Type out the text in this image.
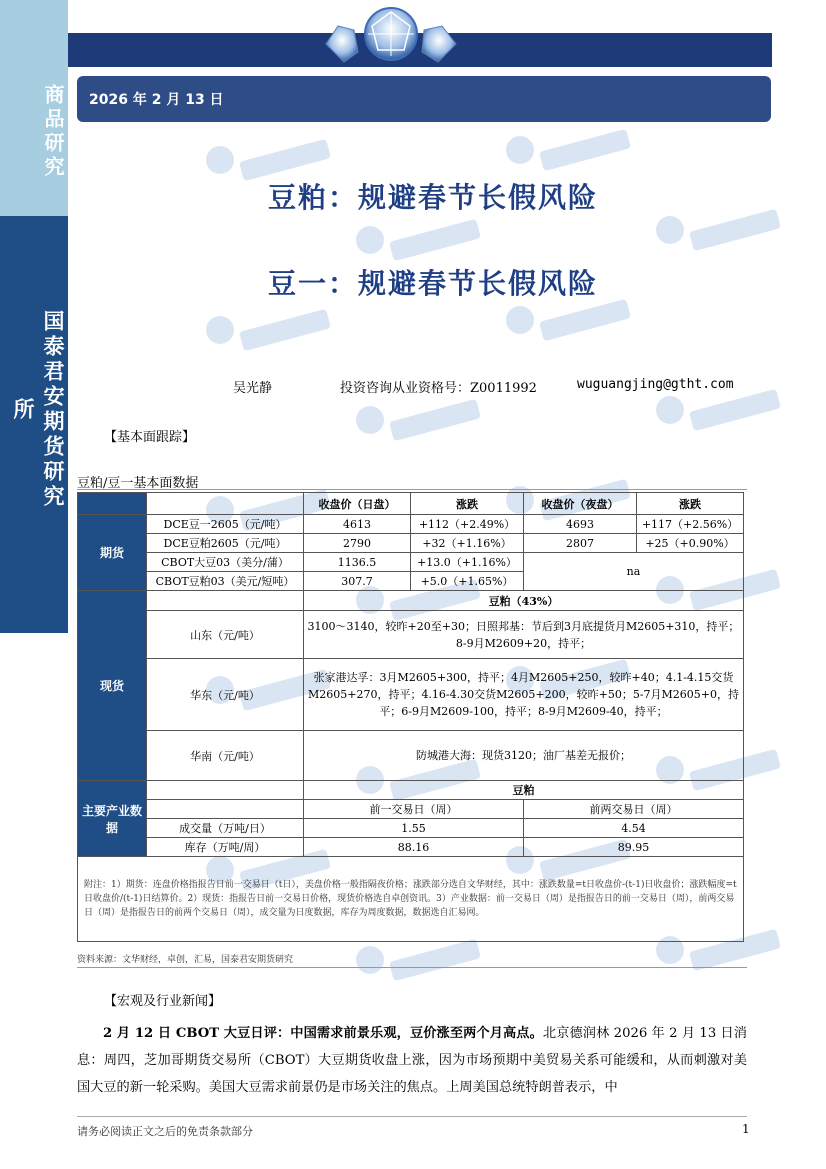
商品研究
国泰君安期货研究所
2026 年 2 月 13 日
豆粕：规避春节长假风险
豆一：规避春节长假风险
吴光静	投资咨询从业资格号：Z0011992	wuguangjing@gtht.com
【基本面跟踪】
豆粕/豆一基本面数据
		收盘价（日盘）	涨跌	收盘价（夜盘）	涨跌
期货	DCE豆一2605（元/吨）	4613	+112（+2.49%）	4693	+117（+2.56%）
	DCE豆粕2605（元/吨）	2790	+32（+1.16%）	2807	+25（+0.90%）
	CBOT大豆03（美分/蒲）	1136.5	+13.0（+1.16%）	na	
	CBOT豆粕03（美元/短吨）	307.7	+5.0（+1.65%）		
现货		豆粕（43%）			
	山东（元/吨）	3100～3140，较昨+20至+30；日照邦基：节后到3月底提货月M2605+310，持平；8-9月M2609+20，持平；			
	华东（元/吨）	张家港达孚：3月M2605+300，持平；4月M2605+250，较昨+40；4.1-4.15交货M2605+270，持平；4.16-4.30交货M2605+200，较昨+50；5-7月M2605+0，持平；6-9月M2609-100，持平；8-9月M2609-40，持平；			
	华南（元/吨）	防城港大海：现货3120；油厂基差无报价；			
主要产业数据		豆粕			
		前一交易日（周）		前两交易日（周）	
	成交量（万吨/日）	1.55		4.54	
	库存（万吨/周）	88.16		89.95	
附注：1）期货：连盘价格指报告日前一交易日（t日），美盘价格一般指隔夜价格；涨跌部分选自文华财经，其中：涨跌数量=t日收盘价-(t-1)日收盘价；涨跌幅度=t日收盘价/(t-1)日结算价。2）现货：指报告日前一交易日价格，现货价格选自卓创资讯。3）产业数据：前一交易日（周）是指报告日的前一交易日（周），前两交易日（周）是指报告日的前两个交易日（周），成交量为日度数据，库存为周度数据，数据选自汇易网。					
资料来源：文华财经，卓创，汇易，国泰君安期货研究
【宏观及行业新闻】
2 月 12 日 CBOT 大豆日评：中国需求前景乐观，豆价涨至两个月高点。北京德润林 2026 年 2 月 13 日消息：周四，芝加哥期货交易所（CBOT）大豆期货收盘上涨，因为市场预期中美贸易关系可能缓和，从而刺激对美国大豆的新一轮采购。美国大豆需求前景仍是市场关注的焦点。上周美国总统特朗普表示，中
请务必阅读正文之后的免责条款部分	1
